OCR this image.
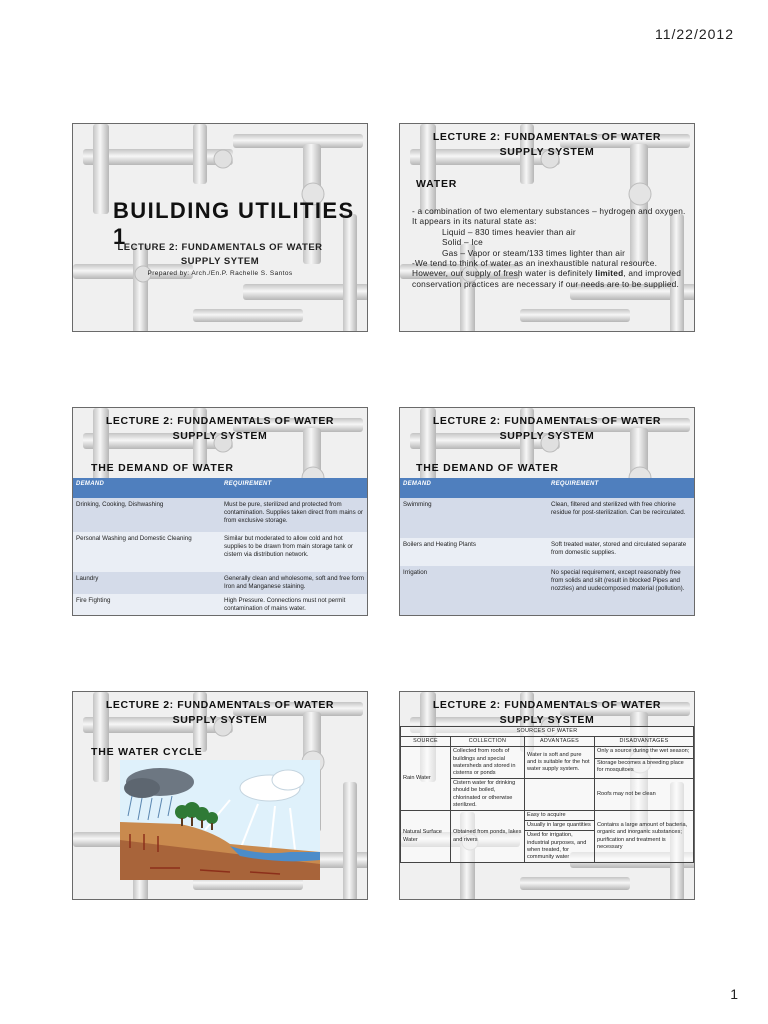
11/22/2012
BUILDING UTILITIES 1
LECTURE 2: FUNDAMENTALS OF WATER
SUPPLY SYTEM
Prepared by: Arch./En.P. Rachelle S. Santos
LECTURE 2: FUNDAMENTALS OF WATER
SUPPLY SYSTEM
WATER
- a combination of two elementary substances – hydrogen and oxygen. It appears in its natural state as:
Liquid – 830 times heavier than air
Solid – Ice
Gas – Vapor or steam/133 times lighter than air
-We tend to think of water as an inexhaustible natural resource. However, our supply of fresh water is definitely limited, and improved conservation practices are necessary if our needs are to be supplied.
LECTURE 2: FUNDAMENTALS OF WATER
SUPPLY SYSTEM
THE DEMAND OF WATER
DEMAND	REQUIREMENT
Drinking, Cooking, Dishwashing	Must be pure, sterilized and protected from contamination. Supplies taken direct from mains or from exclusive storage.
Personal Washing and Domestic Cleaning	Similar but moderated to allow cold and hot supplies to be drawn from main storage tank or cistern via distribution network.
Laundry	Generally clean and wholesome, soft and free form Iron and Manganese staining.
Fire Fighting	High Pressure. Connections must not permit contamination of mains water.
LECTURE 2: FUNDAMENTALS OF WATER
SUPPLY SYSTEM
THE DEMAND OF WATER
DEMAND	REQUIREMENT
Swimming	Clean, filtered and sterilized with free chlorine residue for post-sterilization. Can be recirculated.
Boilers and Heating Plants	Soft treated water, stored and circulated separate from domestic supplies.
Irrigation	No special requirement, except reasonably free from solids and silt (result in blocked Pipes and nozzles) and uudecomposed material (pollution).
LECTURE 2: FUNDAMENTALS OF WATER
SUPPLY SYSTEM
THE WATER CYCLE
LECTURE 2: FUNDAMENTALS OF WATER
SUPPLY SYSTEM
SOURCES OF WATER			
SOURCE	COLLECTION	ADVANTAGES	DISADVANTAGES
Rain Water	Collected from roofs of buildings and special watersheds and stored in cisterns or ponds	Water is soft and pure and is suitable for the hot water supply system.	Only a source during the wet season;
			Storage becomes a breeding place for mosquitoes
	Cistern water for drinking should be boiled, chlorinated or otherwise sterilized.		Roofs may not be clean
Natural Surface Water	Obtained from ponds, lakes and rivers	Easy to acquire	Contains a large amount of bacteria, organic and inorganic substances; purification and treatment is necessary
		Usually in large quantities	
		Used for irrigation, industrial purposes, and when treated, for community water	
1
